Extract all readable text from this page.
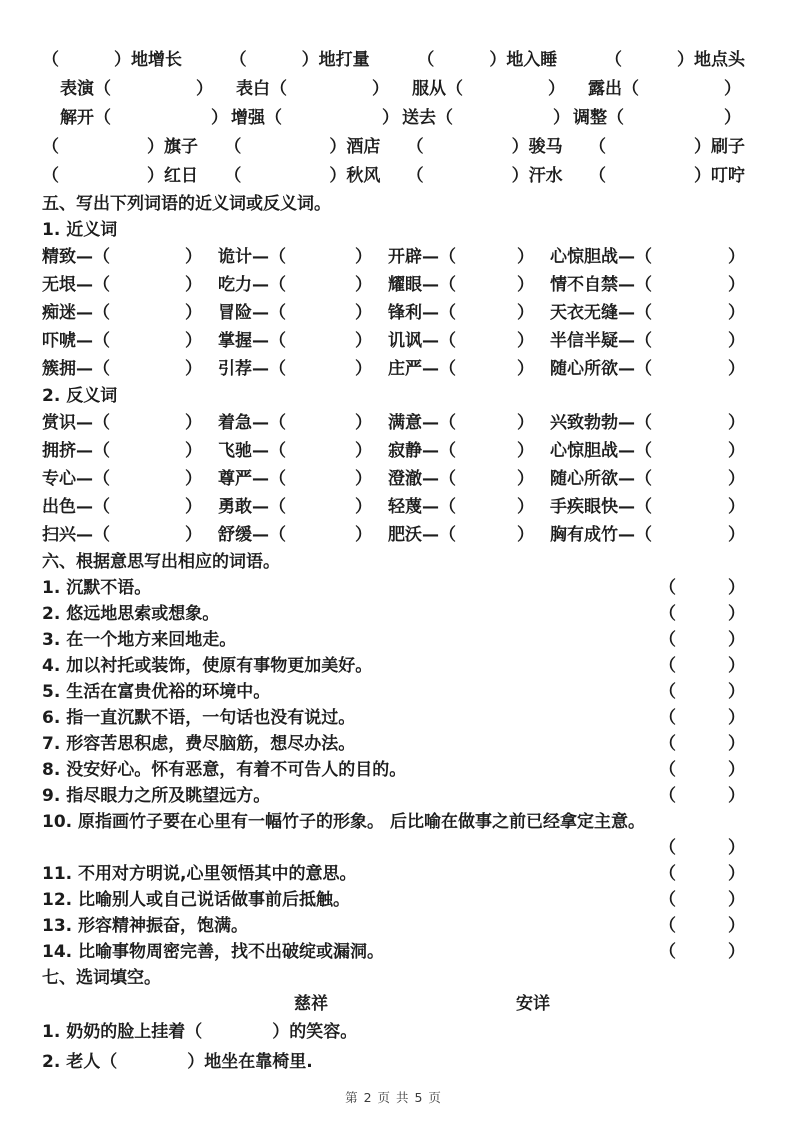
（	） 地增长	（	） 地打量	（	） 地入睡	（	） 地点头
表演 （	） 表白 （	） 服从 （	） 露出 （	）
解开 （	） 增强 （	） 送去 （	） 调整 （	）
（	） 旗子 （	） 酒店 （	） 骏马 （	） 刷子
（	） 红日 （	） 秋风 （	） 汗水 （	） 叮咛
五、写出下列词语的近义词或反义词。
1. 近义词
精致 — （	） 诡计 — （	） 开辟 — （	） 心惊胆战 — （	）
无垠 — （	） 吃力 — （	） 耀眼 — （	） 情不自禁 — （	）
痴迷 — （	） 冒险 — （	） 锋利 — （	） 天衣无缝 — （	）
吓唬 — （	） 掌握 — （	） 讥讽 — （	） 半信半疑 — （	）
簇拥 — （	） 引荐 — （	） 庄严 — （	） 随心所欲 — （	）
2. 反义词
赏识 — （	） 着急 — （	） 满意 — （	） 兴致勃勃 — （	）
拥挤 — （	） 飞驰 — （	） 寂静 — （	） 心惊胆战 — （	）
专心 — （	） 尊严 — （	） 澄澈 — （	） 随心所欲 — （	）
出色 — （	） 勇敢 — （	） 轻蔑 — （	） 手疾眼快 — （	）
扫兴 — （	） 舒缓 — （	） 肥沃 — （	） 胸有成竹 — （	）
六、根据意思写出相应的词语。
1. 沉默不语。	（	）
2. 悠远地思索或想象。	（	）
3. 在一个地方来回地走。	（	）
4. 加以衬托或装饰，使原有事物更加美好。	（	）
5. 生活在富贵优裕的环境中。	（	）
6. 指一直沉默不语，一句话也没有说过。	（	）
7. 形容苦思积虑，费尽脑筋，想尽办法。	（	）
8. 没安好心。怀有恶意，有着不可告人的目的。	（	）
9. 指尽眼力之所及眺望远方。	（	）
10. 原指画竹子要在心里有一幅竹子的形象。 后比喻在做事之前已经拿定主意。
（	）
11. 不用对方明说,心里领悟其中的意思。	（	）
12. 比喻别人或自己说话做事前后抵触。	（	）
13. 形容精神振奋，饱满。	（	）
14. 比喻事物周密完善，找不出破绽或漏洞。	（	）
七、选词填空。
慈祥	安详
1. 奶奶的脸上挂着（	）的笑容。
2. 老人（	）地坐在靠椅里.
第 2 页 共 5 页
